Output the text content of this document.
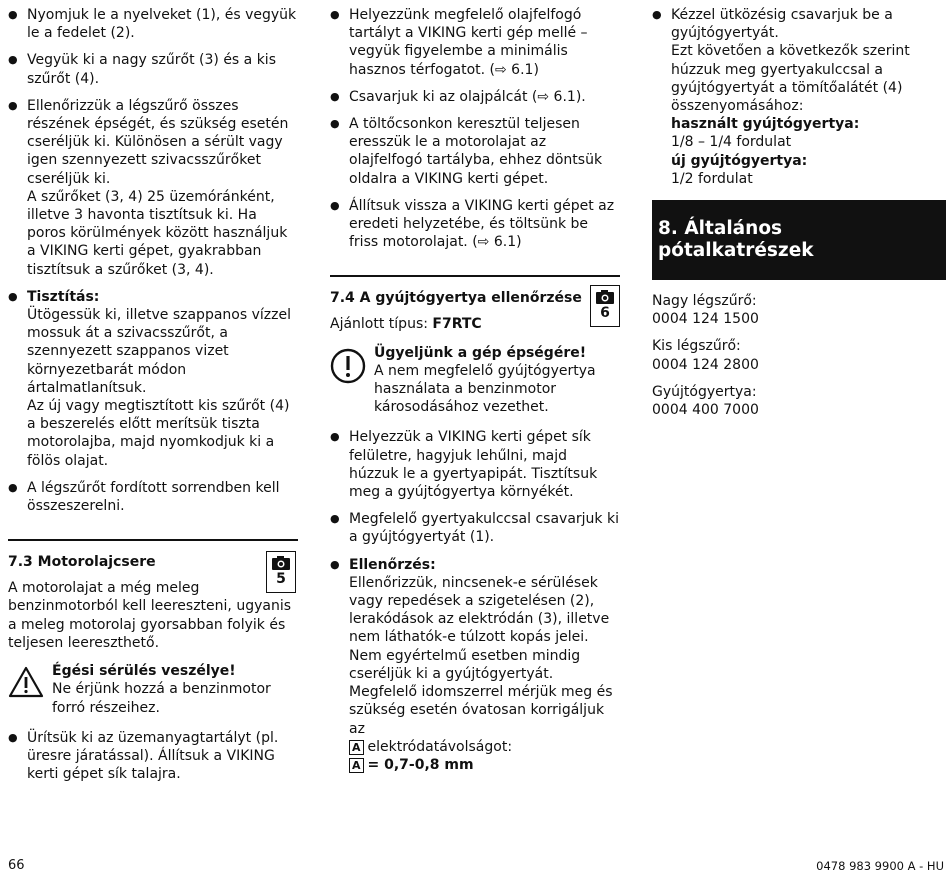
● Nyomjuk le a nyelveket (1), és vegyük le a fedelet (2).

● Vegyük ki a nagy szűrőt (3) és a kis szűrőt (4).

● Ellenőrizzük a légszűrő összes részének épségét, és szükség esetén cseréljük ki. Különösen a sérült vagy igen szennyezett szivacsszűrőket cseréljük ki.

A szűrőket (3, 4) 25 üzemóránként, illetve 3 havonta tisztítsuk ki. Ha poros körülmények között használjuk a VIKING kerti gépet, gyakrabban tisztítsuk a szűrőket (3, 4).

● Tisztítás:

Ütögessük ki, illetve szappanos vízzel mossuk át a szivacsszűrőt, a szennyezett szappanos vizet környezetbarát módon ártalmatlanítsuk.

Az új vagy megtisztított kis szűrőt (4) a beszerelés előtt merítsük tiszta motorolajba, majd nyomkodjuk ki a fölös olajat.

● A légszűrőt fordított sorrendben kell összeszerelni.

7.3 Motorolajcsere
5

A motorolajat a még meleg benzinmotorból kell leereszteni, ugyanis a meleg motorolaj gyorsabban folyik és teljesen leereszthető.

Égési sérülés veszélye!
Ne érjünk hozzá a benzinmotor forró részeihez.

● Ürítsük ki az üzemanyagtartályt (pl. üresre járatással). Állítsuk a VIKING kerti gépet sík talajra.

● Helyezzünk megfelelő olajfelfogó tartályt a VIKING kerti gép mellé – vegyük figyelembe a minimális hasznos térfogatot. (⇨ 6.1)

● Csavarjuk ki az olajpálcát (⇨ 6.1).

● A töltőcsonkon keresztül teljesen eresszük le a motorolajat az olajfelfogó tartályba, ehhez döntsük oldalra a VIKING kerti gépet.

● Állítsuk vissza a VIKING kerti gépet az eredeti helyzetébe, és töltsünk be friss motorolajat. (⇨ 6.1)

7.4 A gyújtógyertya ellenőrzése
6

Ajánlott típus: F7RTC

Ügyeljünk a gép épségére!
A nem megfelelő gyújtógyertya használata a benzinmotor károsodásához vezethet.

● Helyezzük a VIKING kerti gépet sík felületre, hagyjuk lehűlni, majd húzzuk le a gyertyapipát. Tisztítsuk meg a gyújtógyertya környékét.

● Megfelelő gyertyakulccsal csavarjuk ki a gyújtógyertyát (1).

● Ellenőrzés:

Ellenőrizzük, nincsenek-e sérülések vagy repedések a szigetelésen (2), lerakódások az elektródán (3), illetve nem láthatók-e túlzott kopás jelei. Nem egyértelmű esetben mindig cseréljük ki a gyújtógyertyát.

Megfelelő idomszerrel mérjük meg és szükség esetén óvatosan korrigáljuk az

A elektródatávolságot:

A = 0,7-0,8 mm

● Kézzel ütközésig csavarjuk be a gyújtógyertyát.

Ezt követően a következők szerint húzzuk meg gyertyakulccsal a gyújtógyertyát a tömítőalátét (4) összenyomásához:

használt gyújtógyertya:

1/8 – 1/4 fordulat

új gyújtógyertya:

1/2 fordulat

8. Általános pótalkatrészek

Nagy légszűrő:

0004 124 1500

Kis légszűrő:

0004 124 2800

Gyújtógyertya:

0004 400 7000

66	0478 983 9900 A - HU
